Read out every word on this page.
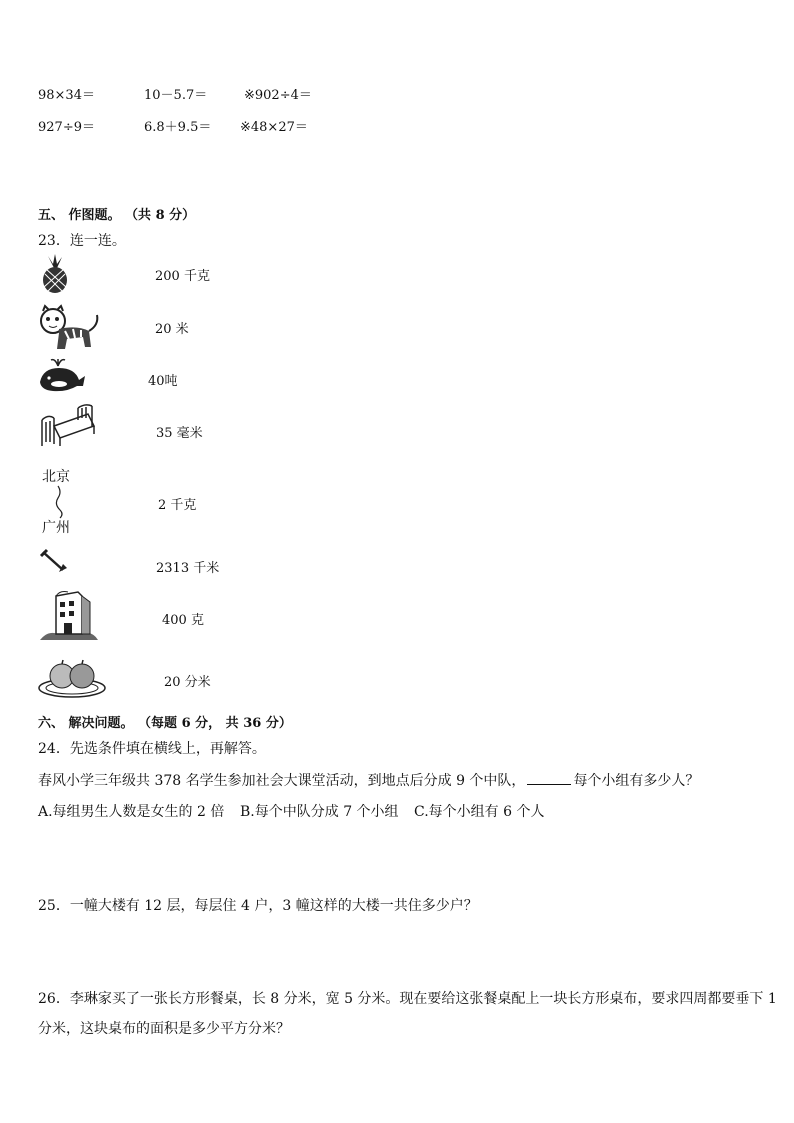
98×34＝	10－5.7＝	※902÷4＝
927÷9＝	6.8＋9.5＝ ※48×27＝
五、 作图题。 （共 8 分）
23．连一连。
200 千克
20 米
40吨
35 毫米
北京
广州
2 千克
2313 千米
400 克
20 分米
六、 解决问题。 （每题 6 分， 共 36 分）
24．先选条件填在横线上，再解答。
春风小学三年级共 378 名学生参加社会大课堂活动，到地点后分成 9 个中队，	每个小组有多少人？
A.每组男生人数是女生的 2 倍 B.每个中队分成 7 个小组 C.每个小组有 6 个人
25．一幢大楼有 12 层，每层住 4 户，3 幢这样的大楼一共住多少户？
26．李琳家买了一张长方形餐桌，长 8 分米，宽 5 分米。现在要给这张餐桌配上一块长方形桌布，要求四周都要垂下 1
分米，这块桌布的面积是多少平方分米？
